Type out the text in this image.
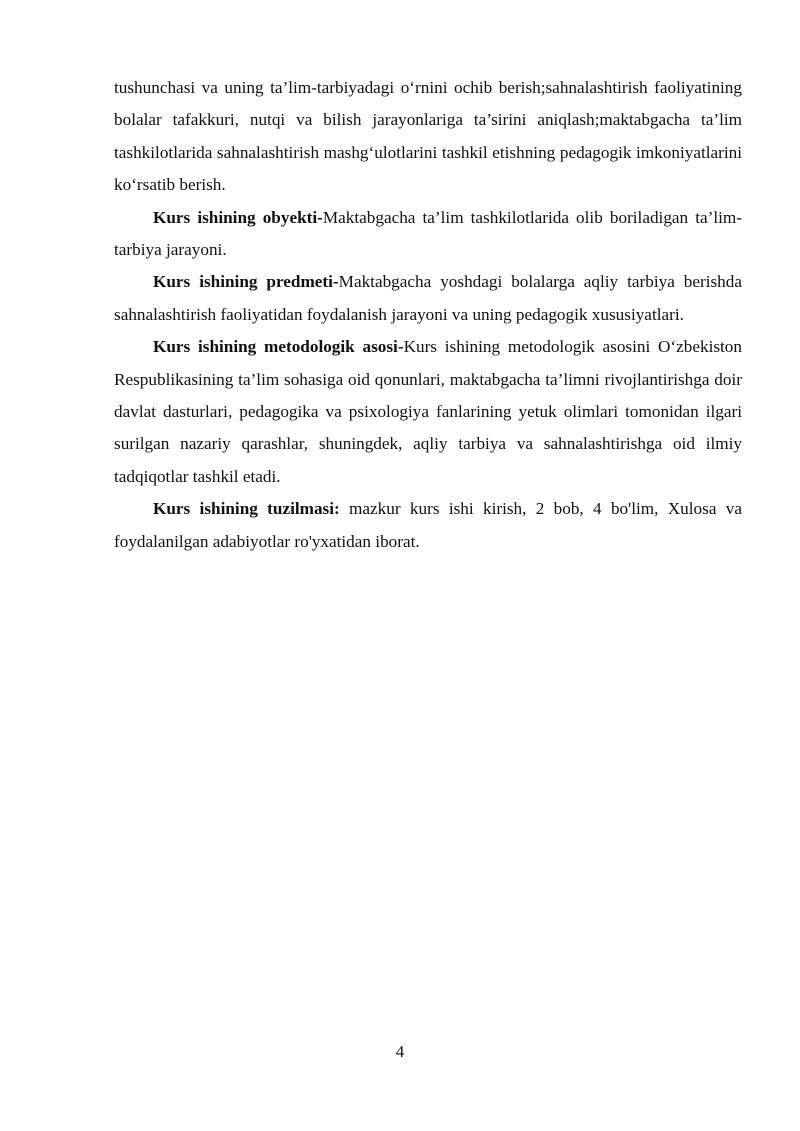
tushunchasi va uning ta’lim-tarbiyadagi o‘rnini ochib berish;sahnalashtirish faoliyatining bolalar tafakkuri, nutqi va bilish jarayonlariga ta’sirini aniqlash;maktabgacha ta’lim tashkilotlarida sahnalashtirish mashg‘ulotlarini tashkil etishning pedagogik imkoniyatlarini ko‘rsatib berish.

Kurs ishining obyekti-Maktabgacha ta’lim tashkilotlarida olib boriladigan ta’lim-tarbiya jarayoni.

Kurs ishining predmeti-Maktabgacha yoshdagi bolalarga aqliy tarbiya berishda sahnalashtirish faoliyatidan foydalanish jarayoni va uning pedagogik xususiyatlari.

Kurs ishining metodologik asosi-Kurs ishining metodologik asosini O‘zbekiston Respublikasining ta’lim sohasiga oid qonunlari, maktabgacha ta’limni rivojlantirishga doir davlat dasturlari, pedagogika va psixologiya fanlarining yetuk olimlari tomonidan ilgari surilgan nazariy qarashlar, shuningdek, aqliy tarbiya va sahnalashtirishga oid ilmiy tadqiqotlar tashkil etadi.

Kurs ishining tuzilmasi: mazkur kurs ishi kirish, 2 bob, 4 bo'lim, Xulosa va foydalanilgan adabiyotlar ro'yxatidan iborat.

4
